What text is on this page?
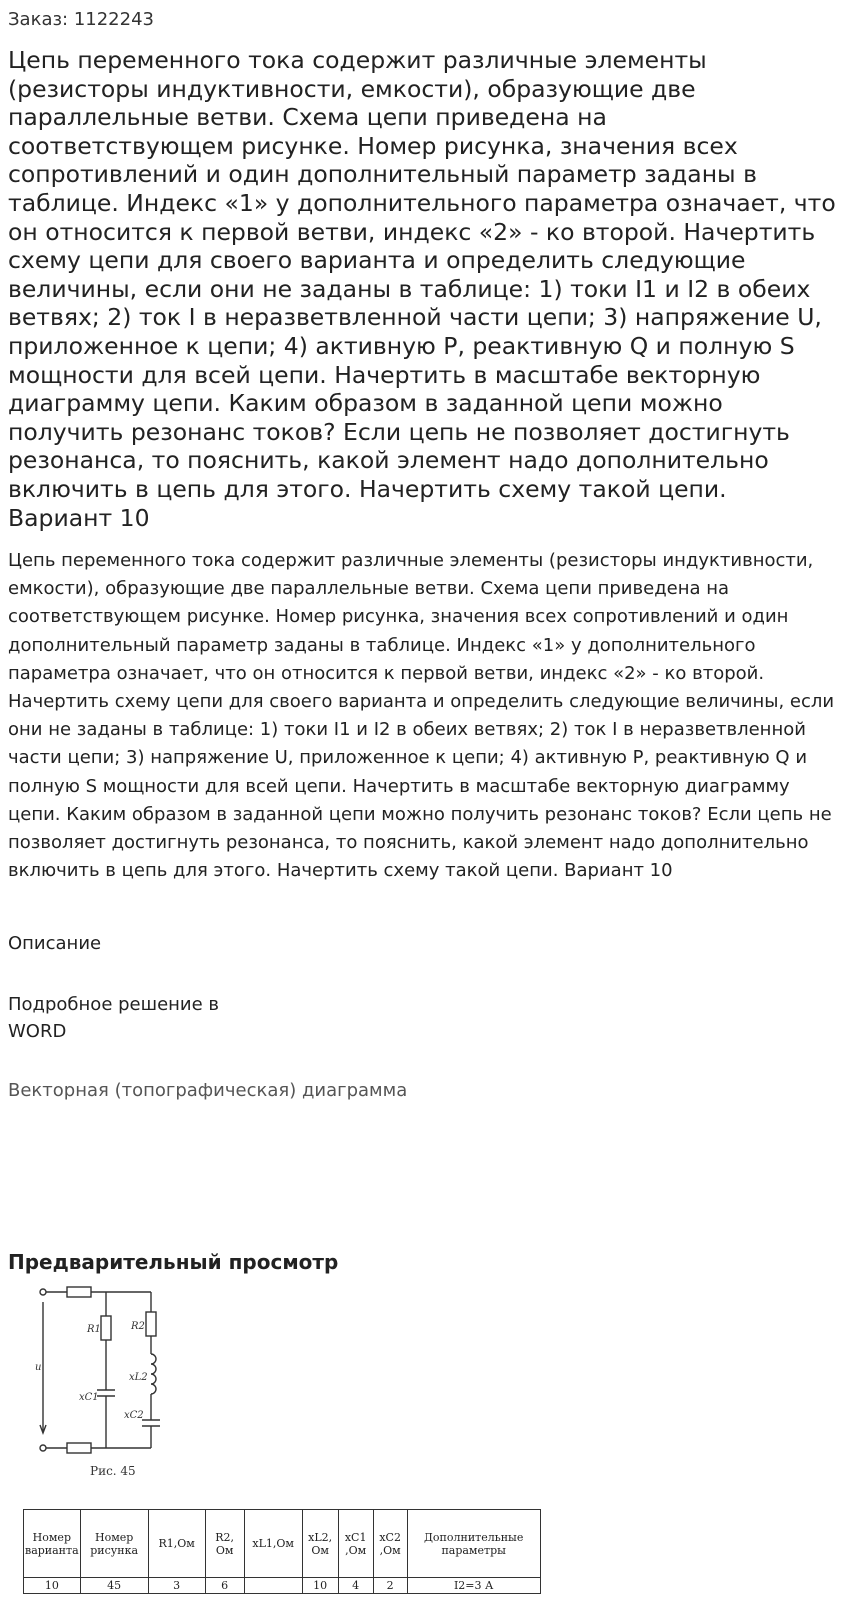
Заказ: 1122243
Цепь переменного тока содержит различные элементы (резисторы индуктивности, емкости), образующие две параллельные ветви. Схема цепи приведена на соответствующем рисунке. Номер рисунка, значения всех сопротивлений и один дополнительный параметр заданы в таблице. Индекс «1» у дополнительного параметра означает, что он относится к первой ветви, индекс «2» - ко второй. Начертить схему цепи для своего варианта и определить следующие величины, если они не заданы в таблице: 1) токи I1 и I2 в обеих ветвях; 2) ток I в неразветвленной части цепи; 3) напряжение U, приложенное к цепи; 4) активную P, реактивную Q и полную S мощности для всей цепи. Начертить в масштабе векторную диаграмму цепи. Каким образом в заданной цепи можно получить резонанс токов? Если цепь не позволяет достигнуть резонанса, то пояснить, какой элемент надо дополнительно включить в цепь для этого. Начертить схему такой цепи. Вариант 10

Цепь переменного тока содержит различные элементы (резисторы индуктивности, емкости), образующие две параллельные ветви. Схема цепи приведена на соответствующем рисунке. Номер рисунка, значения всех сопротивлений и один дополнительный параметр заданы в таблице. Индекс «1» у дополнительного параметра означает, что он относится к первой ветви, индекс «2» - ко второй. Начертить схему цепи для своего варианта и определить следующие величины, если они не заданы в таблице: 1) токи I1 и I2 в обеих ветвях; 2) ток I в неразветвленной части цепи; 3) напряжение U, приложенное к цепи; 4) активную P, реактивную Q и полную S мощности для всей цепи. Начертить в масштабе векторную диаграмму цепи. Каким образом в заданной цепи можно получить резонанс токов? Если цепь не позволяет достигнуть резонанса, то пояснить, какой элемент надо дополнительно включить в цепь для этого. Начертить схему такой цепи. Вариант 10

Описание
Подробное решение в
WORD
Векторная (топографическая) диаграмма
Предварительный просмотр
u
R1	R2
xC1
xL2
xC2
Рис. 45
Номер варианта	Номер рисунка	R1,Ом	R2, Ом	xL1,Ом	xL2, Ом	xC1 ,Ом	xC2 ,Ом	Дополнительные параметры
10	45	3	6		10	4	2	I2=3 А
